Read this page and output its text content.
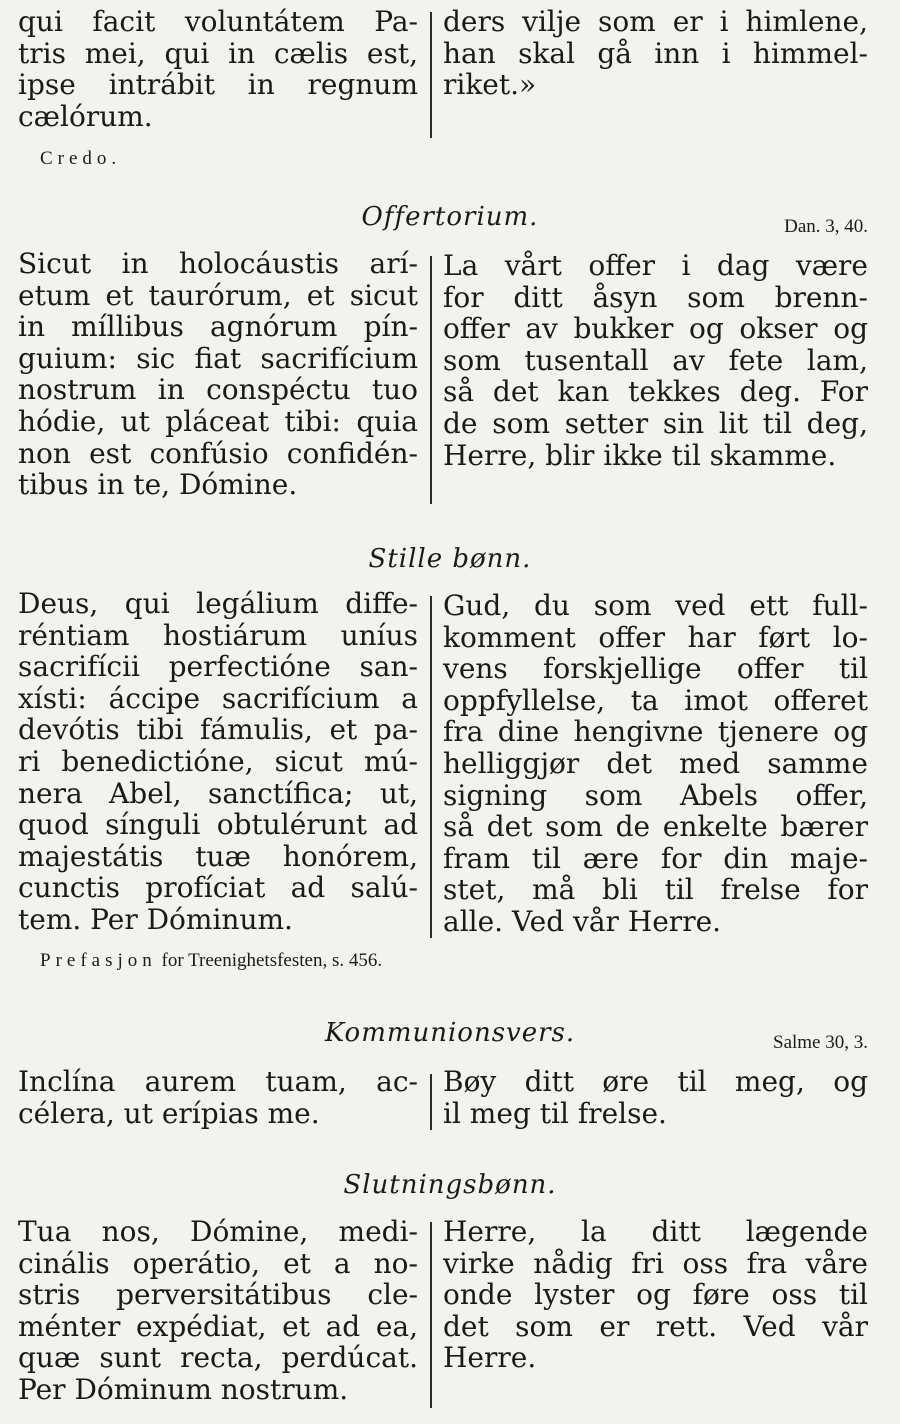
qui facit voluntátem Pa-
tris mei, qui in cælis est,
ipse intrábit in regnum
cælórum.
ders vilje som er i himlene,
han skal gå inn i himmel-
riket.»
Credo.
Offertorium.	Dan. 3, 40.
Sicut in holocáustis arí-
etum et taurórum, et sicut
in míllibus agnórum pín-
guium: sic fiat sacrifícium
nostrum in conspéctu tuo
hódie, ut pláceat tibi: quia
non est confúsio confidén-
tibus in te, Dómine.
La vårt offer i dag være
for ditt åsyn som brenn-
offer av bukker og okser og
som tusentall av fete lam,
så det kan tekkes deg. For
de som setter sin lit til deg,
Herre, blir ikke til skamme.
Stille bønn.
Deus, qui legálium diffe-
réntiam hostiárum uníus
sacrifícii perfectióne san-
xísti: áccipe sacrifícium a
devótis tibi fámulis, et pa-
ri benedictióne, sicut mú-
nera Abel, sanctífica; ut,
quod sínguli obtulérunt ad
majestátis tuæ honórem,
cunctis profíciat ad salú-
tem. Per Dóminum.
Gud, du som ved ett full-
komment offer har ført lo-
vens forskjellige offer til
oppfyllelse, ta imot offeret
fra dine hengivne tjenere og
helliggjør det med samme
signing som Abels offer,
så det som de enkelte bærer
fram til ære for din maje-
stet, må bli til frelse for
alle. Ved vår Herre.
Prefasjon for Treenighetsfesten, s. 456.
Kommunionsvers.	Salme 30, 3.
Inclína aurem tuam, ac-
célera, ut erípias me.
Bøy ditt øre til meg, og
il meg til frelse.
Slutningsbønn.
Tua nos, Dómine, medi-
cinális operátio, et a no-
stris perversitátibus cle-
ménter expédiat, et ad ea,
quæ sunt recta, perdúcat.
Per Dóminum nostrum.
Herre, la ditt lægende
virke nådig fri oss fra våre
onde lyster og føre oss til
det som er rett. Ved vår
Herre.
